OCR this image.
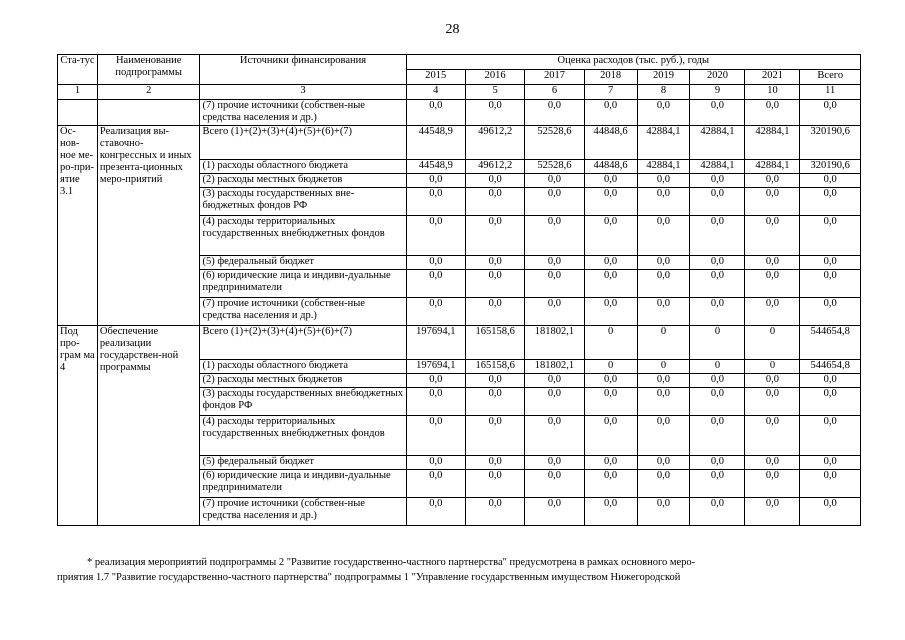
28
Ста-тус	Наименование подпрограммы	Источники финансирования	Оценка расходов (тыс. руб.), годы							
			2015	2016	2017	2018	2019	2020	2021	Всего
1	2	3	4	5	6	7	8	9	10	11
		(7) прочие источники (собствен-ные средства населения и др.)	0,0	0,0	0,0	0,0	0,0	0,0	0,0	0,0
Ос-нов-ное ме-ро-при-ятие 3.1	Реализация вы-ставочно-конгрессных и иных презента-ционных меро-приятий	Всего (1)+(2)+(3)+(4)+(5)+(6)+(7)	44548,9	49612,2	52528,6	44848,6	42884,1	42884,1	42884,1	320190,6
		(1) расходы областного бюджета	44548,9	49612,2	52528,6	44848,6	42884,1	42884,1	42884,1	320190,6
		(2) расходы местных бюджетов	0,0	0,0	0,0	0,0	0,0	0,0	0,0	0,0
		(3) расходы государственных вне-бюджетных фондов РФ	0,0	0,0	0,0	0,0	0,0	0,0	0,0	0,0
		(4) расходы территориальных государственных внебюджетных фондов	0,0	0,0	0,0	0,0	0,0	0,0	0,0	0,0
		(5) федеральный бюджет	0,0	0,0	0,0	0,0	0,0	0,0	0,0	0,0
		(6) юридические лица и индиви-дуальные предприниматели	0,0	0,0	0,0	0,0	0,0	0,0	0,0	0,0
		(7) прочие источники (собствен-ные средства населения и др.)	0,0	0,0	0,0	0,0	0,0	0,0	0,0	0,0
Под про-грам ма 4	Обеспечение реализации государствен-ной программы	Всего (1)+(2)+(3)+(4)+(5)+(6)+(7)	197694,1	165158,6	181802,1	0	0	0	0	544654,8
		(1) расходы областного бюджета	197694,1	165158,6	181802,1	0	0	0	0	544654,8
		(2) расходы местных бюджетов	0,0	0,0	0,0	0,0	0,0	0,0	0,0	0,0
		(3) расходы государственных внебюджетных фондов РФ	0,0	0,0	0,0	0,0	0,0	0,0	0,0	0,0
		(4) расходы территориальных государственных внебюджетных фондов	0,0	0,0	0,0	0,0	0,0	0,0	0,0	0,0
		(5) федеральный бюджет	0,0	0,0	0,0	0,0	0,0	0,0	0,0	0,0
		(6) юридические лица и индиви-дуальные предприниматели	0,0	0,0	0,0	0,0	0,0	0,0	0,0	0,0
		(7) прочие источники (собствен-ные средства населения и др.)	0,0	0,0	0,0	0,0	0,0	0,0	0,0	0,0
* реализация мероприятий подпрограммы 2 "Развитие государственно-частного партнерства" предусмотрена в рамках основного меро-
приятия 1.7 "Развитие государственно-частного партнерства" подпрограммы 1 "Управление государственным имуществом Нижегородской
